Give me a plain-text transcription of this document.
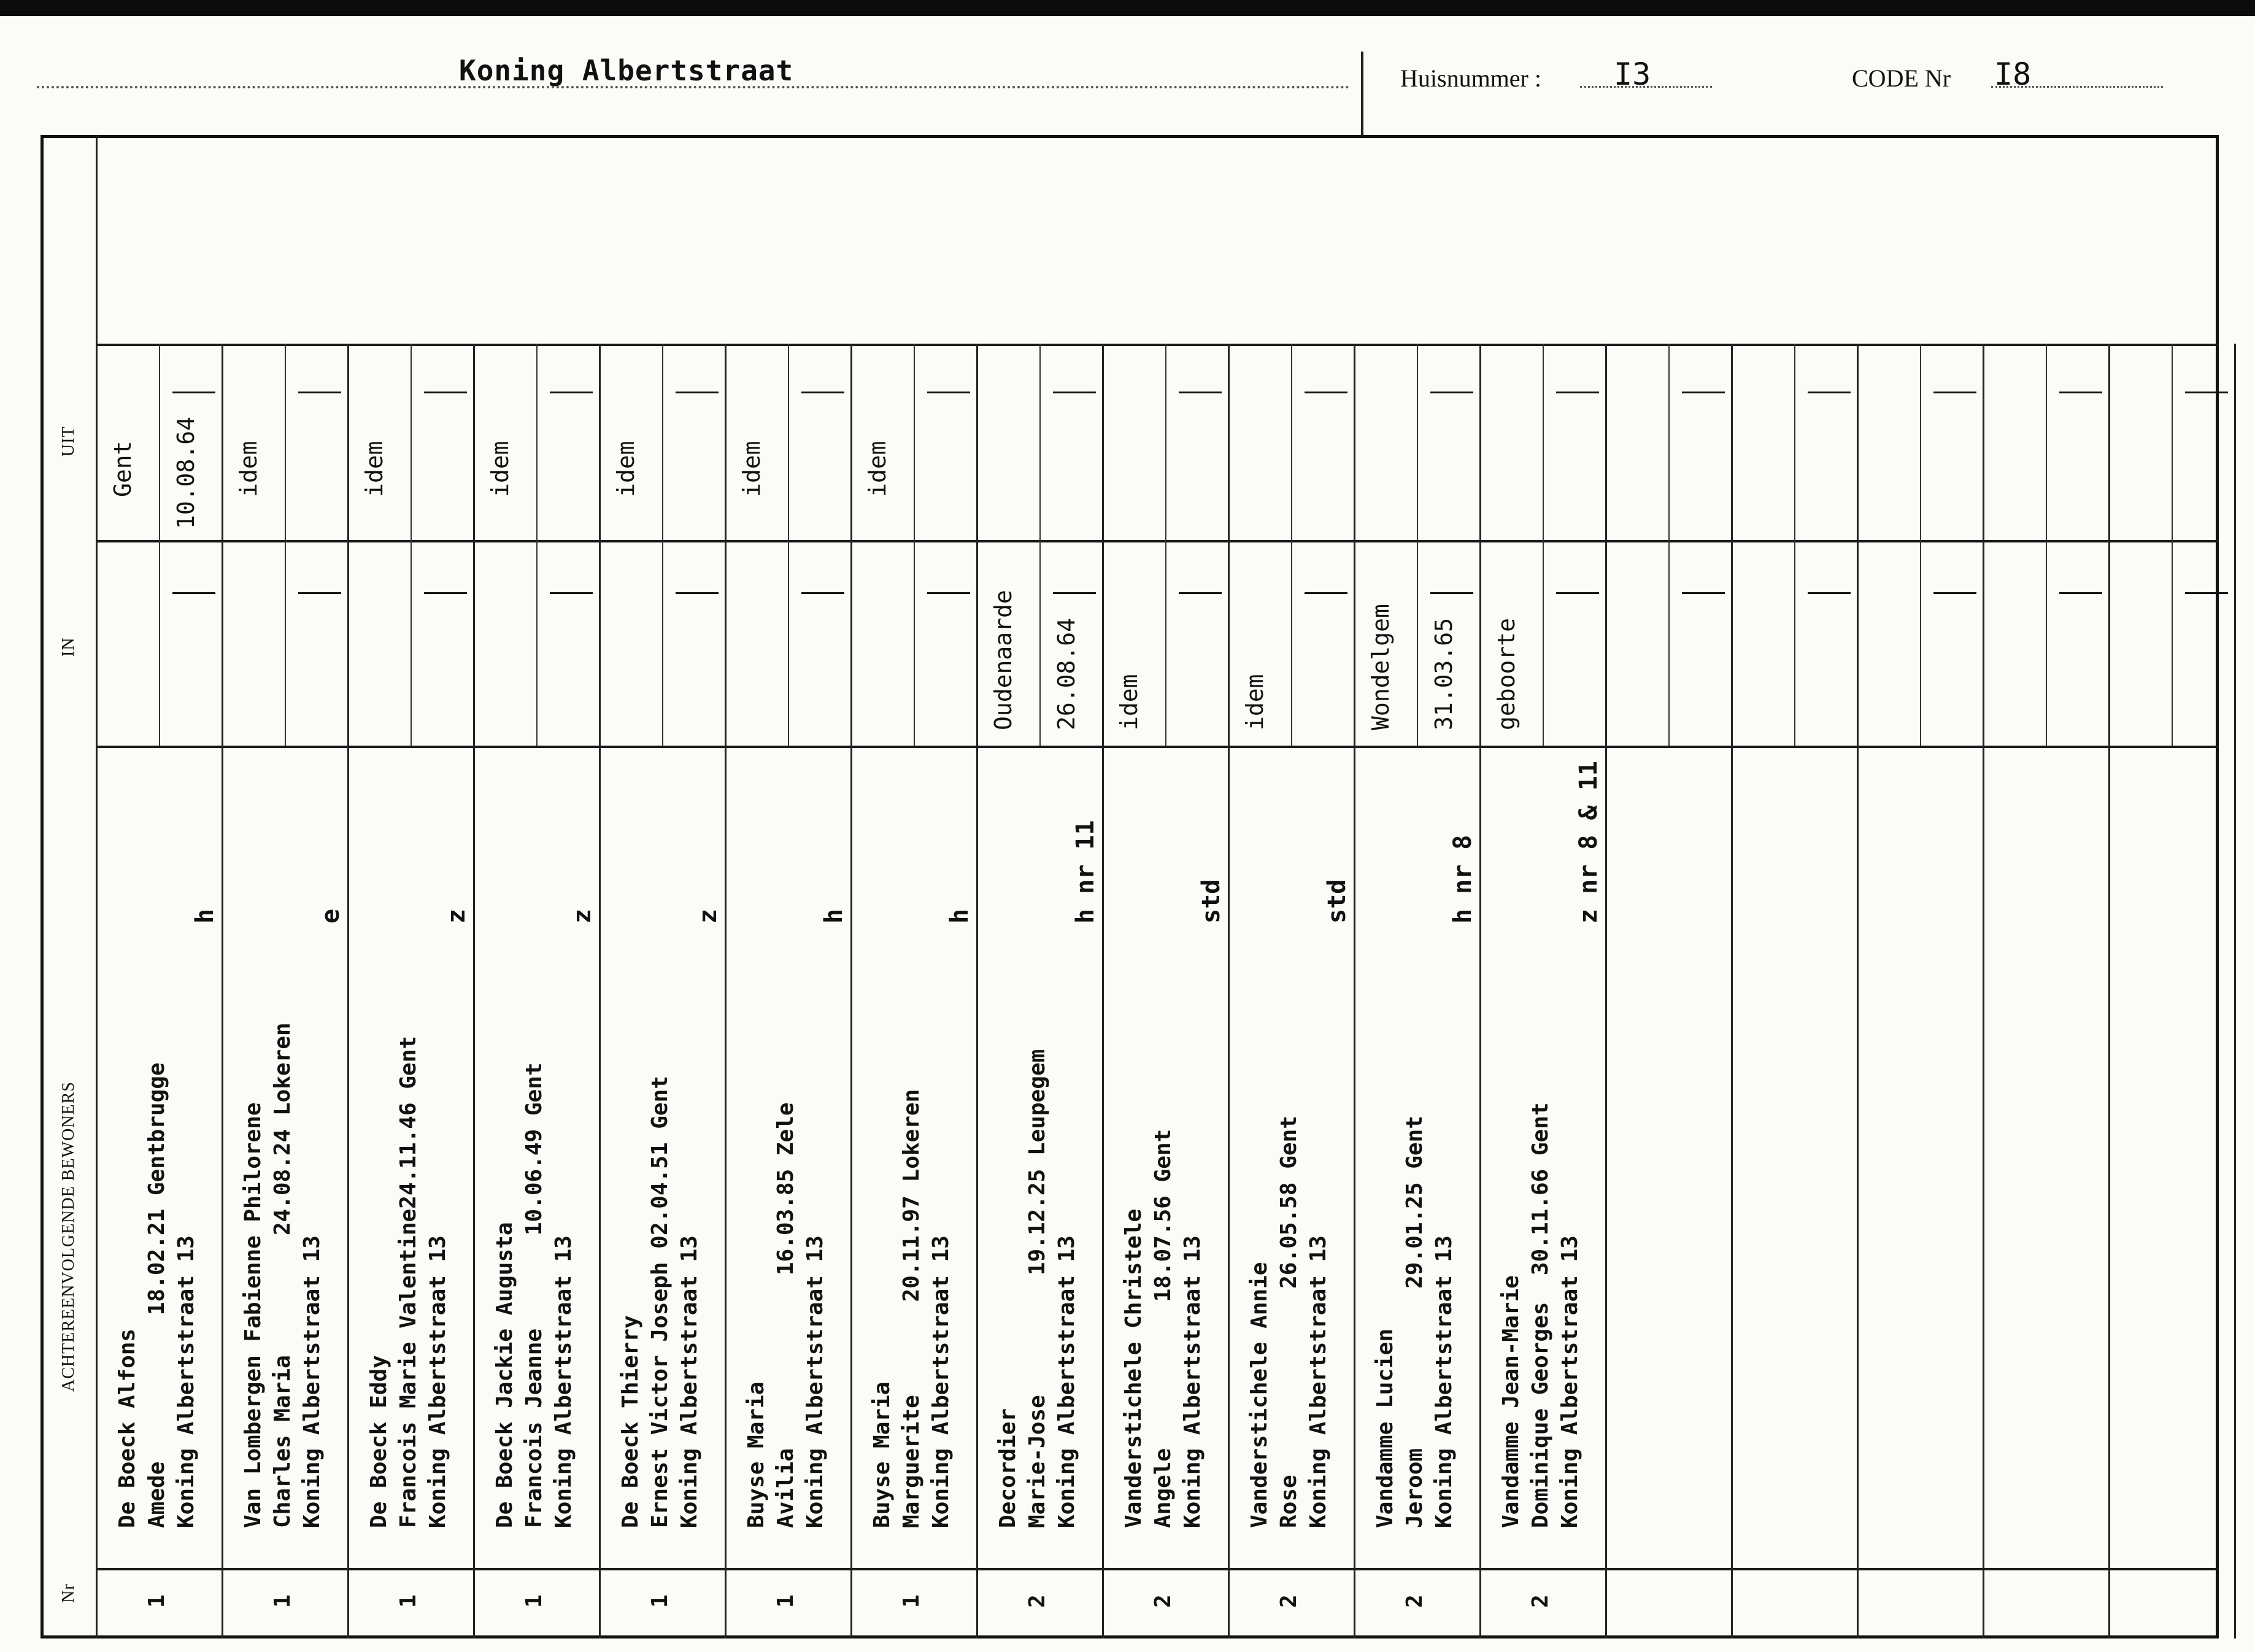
Koning Albertstraat	Huisnummer : I3	CODE Nr I8
ACHTEREENVOLGENDE BEWONERS
Nr
IN
UIT
1
De Boeck Alfons Amede           18.02.21 Gentbrugge Koning Albertstraat 13
h
Gent 10.08.64
1
Van Lombergen Fabienne Philorene Charles Maria         24.08.24 Lokeren Koning Albertstraat 13
e
idem
1
De Boeck Eddy Francois Marie Valentine24.11.46 Gent Koning Albertstraat 13
z
idem
1
De Boeck Jackie Augusta Francois Jeanne       10.06.49 Gent Koning Albertstraat 13
z
idem
1
De Boeck Thierry Ernest Victor Joseph 02.04.51 Gent Koning Albertstraat 13
z
idem
1
Buyse Maria Avilia             16.03.85 Zele Koning Albertstraat 13
h
idem
1
Buyse Maria Marguerite       20.11.97 Lokeren Koning Albertstraat 13
h
idem
2
Decordier Marie-Jose         19.12.25 Leupegem Koning Albertstraat 13
h nr 11
Oudenaarde 26.08.64
2
Vanderstichele Christele Angele           18.07.56 Gent Koning Albertstraat 13
std
idem
2
Vanderstichele Annie Rose              26.05.58 Gent Koning Albertstraat 13
std
idem
2
Vandamme Lucien Jeroom            29.01.25 Gent Koning Albertstraat 13
h nr 8
Wondelgem 31.03.65
2
Vandamme Jean-Marie Dominique Georges  30.11.66 Gent Koning Albertstraat 13
z nr 8 & 11
geboorte
